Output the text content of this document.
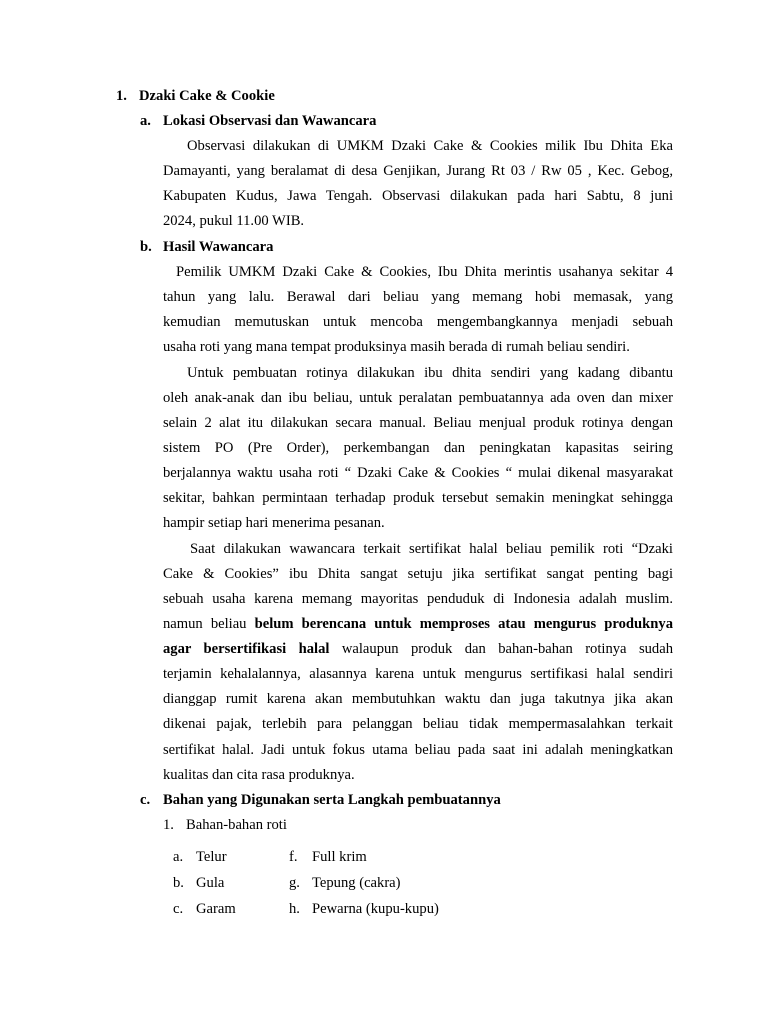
1. Dzaki Cake & Cookie
a. Lokasi Observasi dan Wawancara
Observasi dilakukan di UMKM Dzaki Cake & Cookies milik Ibu Dhita Eka
Damayanti, yang beralamat di desa Genjikan, Jurang Rt 03 / Rw 05 , Kec. Gebog,
Kabupaten Kudus, Jawa Tengah. Observasi dilakukan pada hari Sabtu, 8 juni
2024, pukul 11.00 WIB.
b. Hasil Wawancara
Pemilik UMKM Dzaki Cake & Cookies, Ibu Dhita merintis usahanya sekitar 4
tahun yang lalu. Berawal dari beliau yang memang hobi memasak, yang
kemudian memutuskan untuk mencoba mengembangkannya menjadi sebuah
usaha roti yang mana tempat produksinya masih berada di rumah beliau sendiri.
Untuk pembuatan rotinya dilakukan ibu dhita sendiri yang kadang dibantu
oleh anak-anak dan ibu beliau, untuk peralatan pembuatannya ada oven dan mixer
selain 2 alat itu dilakukan secara manual. Beliau menjual produk rotinya dengan
sistem PO (Pre Order), perkembangan dan peningkatan kapasitas seiring
berjalannya waktu usaha roti “ Dzaki Cake & Cookies “ mulai dikenal masyarakat
sekitar, bahkan permintaan terhadap produk tersebut semakin meningkat sehingga
hampir setiap hari menerima pesanan.
Saat dilakukan wawancara terkait sertifikat halal beliau pemilik roti “Dzaki
Cake & Cookies” ibu Dhita sangat setuju jika sertifikat sangat penting bagi
sebuah usaha karena memang mayoritas penduduk di Indonesia adalah muslim.
namun beliau belum berencana untuk memproses atau mengurus produknya
agar bersertifikasi halal walaupun produk dan bahan-bahan rotinya sudah
terjamin kehalalannya, alasannya karena untuk mengurus sertifikasi halal sendiri
dianggap rumit karena akan membutuhkan waktu dan juga takutnya jika akan
dikenai pajak, terlebih para pelanggan beliau tidak mempermasalahkan terkait
sertifikat halal. Jadi untuk fokus utama beliau pada saat ini adalah meningkatkan
kualitas dan cita rasa produknya.
c. Bahan yang Digunakan serta Langkah pembuatannya
1. Bahan-bahan roti
a. Telur
b. Gula
c. Garam
f. Full krim
g. Tepung (cakra)
h. Pewarna (kupu-kupu)
